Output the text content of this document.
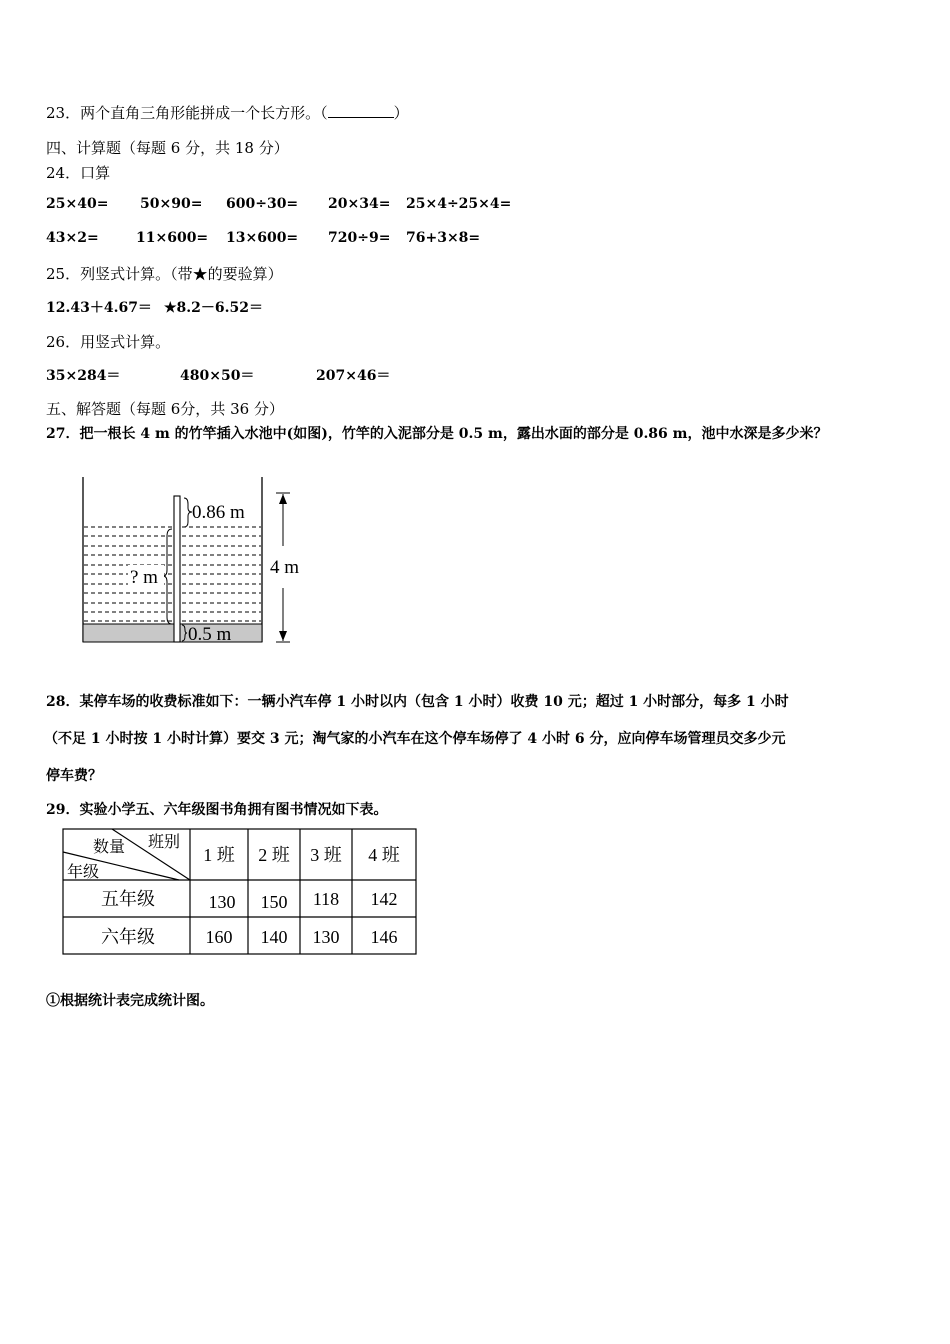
23．两个直角三角形能拼成一个长方形。（	）
四、计算题（每题 6 分，共 18 分）
24．口算
25×40= 50×90= 600÷30= 20×34= 25×4÷25×4=
43×2=	11×600= 13×600= 720÷9= 76+3×8=
25．列竖式计算。（带★的要验算）
12.43＋4.67＝ ★8.2－6.52＝
26．用竖式计算。
35×284＝	480×50＝	207×46＝
五、解答题（每题 6分，共 36 分）
27．把一根长 4 m 的竹竿插入水池中(如图)，竹竿的入泥部分是 0.5 m，露出水面的部分是 0.86 m，池中水深是多少米？
0.86 m
? m
0.5 m
4 m
28．某停车场的收费标准如下：一辆小汽车停 1 小时以内（包含 1 小时）收费 10 元；超过 1 小时部分，每多 1 小时
（不足 1 小时按 1 小时计算）要交 3 元；淘气家的小汽车在这个停车场停了 4 小时 6 分，应向停车场管理员交多少元
停车费？
29．实验小学五、六年级图书角拥有图书情况如下表。
班别
数量
年级
1 班 2 班 3 班 4 班
五年级	130 150 118 142
六年级	160 140 130 146
①根据统计表完成统计图。
